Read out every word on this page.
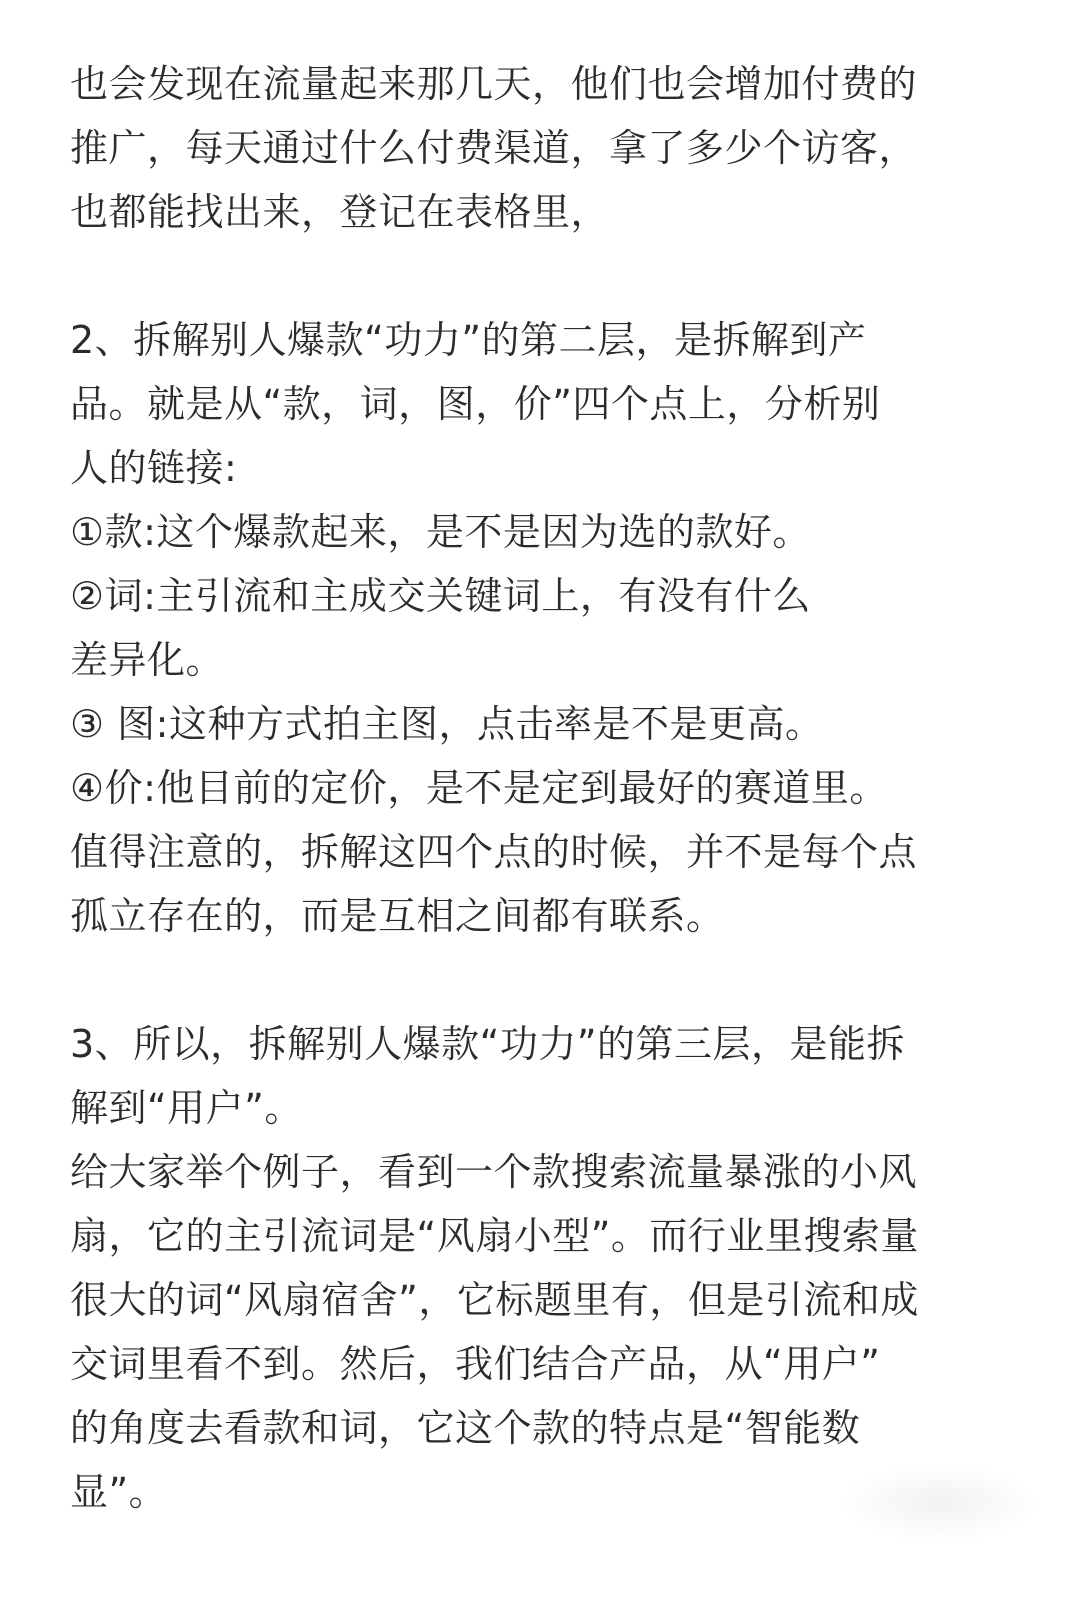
也会发现在流量起来那几天，他们也会增加付费的
推广，每天通过什么付费渠道，拿了多少个访客，
也都能找出来，登记在表格里，
2、拆解别人爆款“功力”的第二层，是拆解到产
品。就是从“款，词，图，价”四个点上，分析别
人的链接:
①款:这个爆款起来，是不是因为选的款好。
②词:主引流和主成交关键词上，有没有什么
差异化。
③ 图:这种方式拍主图，点击率是不是更高。
④价:他目前的定价，是不是定到最好的赛道里。
值得注意的，拆解这四个点的时候，并不是每个点
孤立存在的，而是互相之间都有联系。
3、所以，拆解别人爆款“功力”的第三层，是能拆
解到“用户”。
给大家举个例子，看到一个款搜索流量暴涨的小风
扇，它的主引流词是“风扇小型”。而行业里搜索量
很大的词“风扇宿舍”，它标题里有，但是引流和成
交词里看不到。然后，我们结合产品，从“用户”
的角度去看款和词，它这个款的特点是“智能数
显”。
